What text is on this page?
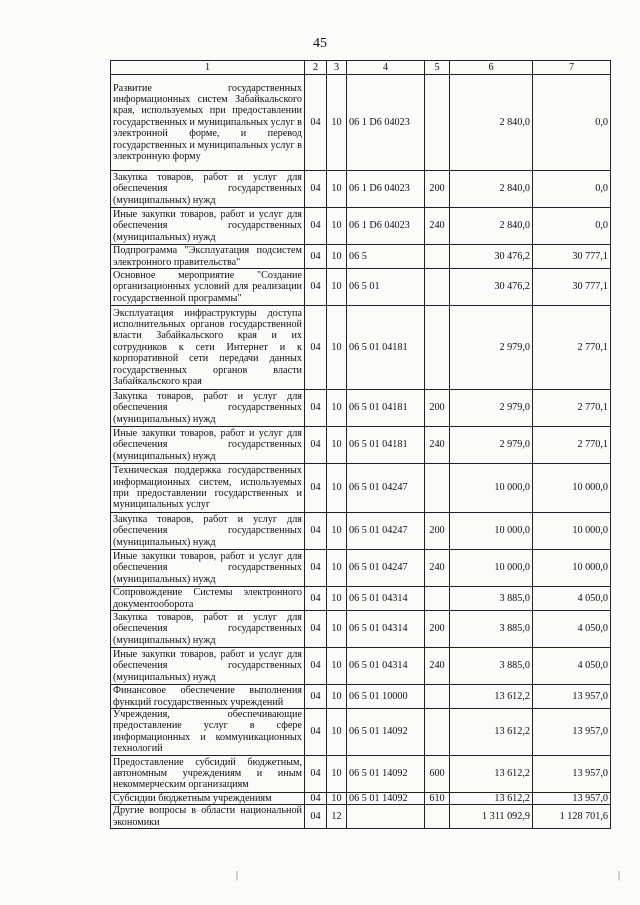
45
1	2	3	4	5	6	7
Развитие государственных информационных систем Забайкальского края, используемых при предоставлении государственных и муниципальных услуг в электронной форме, и перевод государственных и муниципальных услуг в электронную форму	04	10	06 1 D6 04023		2 840,0	0,0
Закупка товаров, работ и услуг для обеспечения государственных (муниципальных) нужд	04	10	06 1 D6 04023	200	2 840,0	0,0
Иные закупки товаров, работ и услуг для обеспечения государственных (муниципальных) нужд	04	10	06 1 D6 04023	240	2 840,0	0,0
Подпрограмма "Эксплуатация подсистем электронного правительства"	04	10	06 5		30 476,2	30 777,1
Основное мероприятие "Создание организационных условий для реализации государственной программы"	04	10	06 5 01		30 476,2	30 777,1
Эксплуатация инфраструктуры доступа исполнительных органов государственной власти Забайкальского края и их сотрудников к сети Интернет и к корпоративной сети передачи данных государственных органов власти Забайкальского края	04	10	06 5 01 04181		2 979,0	2 770,1
Закупка товаров, работ и услуг для обеспечения государственных (муниципальных) нужд	04	10	06 5 01 04181	200	2 979,0	2 770,1
Иные закупки товаров, работ и услуг для обеспечения государственных (муниципальных) нужд	04	10	06 5 01 04181	240	2 979,0	2 770,1
Техническая поддержка государственных информационных систем, используемых при предоставлении государственных и муниципальных услуг	04	10	06 5 01 04247		10 000,0	10 000,0
Закупка товаров, работ и услуг для обеспечения государственных (муниципальных) нужд	04	10	06 5 01 04247	200	10 000,0	10 000,0
Иные закупки товаров, работ и услуг для обеспечения государственных (муниципальных) нужд	04	10	06 5 01 04247	240	10 000,0	10 000,0
Сопровождение Системы электронного документооборота	04	10	06 5 01 04314		3 885,0	4 050,0
Закупка товаров, работ и услуг для обеспечения государственных (муниципальных) нужд	04	10	06 5 01 04314	200	3 885,0	4 050,0
Иные закупки товаров, работ и услуг для обеспечения государственных (муниципальных) нужд	04	10	06 5 01 04314	240	3 885,0	4 050,0
Финансовое обеспечение выполнения функций государственных учреждений	04	10	06 5 01 10000		13 612,2	13 957,0
Учреждения, обеспечивающие предоставление услуг в сфере информационных и коммуникационных технологий	04	10	06 5 01 14092		13 612,2	13 957,0
Предоставление субсидий бюджетным, автономным учреждениям и иным некоммерческим организациям	04	10	06 5 01 14092	600	13 612,2	13 957,0
Субсидии бюджетным учреждениям	04	10	06 5 01 14092	610	13 612,2	13 957,0
Другие вопросы в области национальной экономики	04	12			1 311 092,9	1 128 701,6
|	|
